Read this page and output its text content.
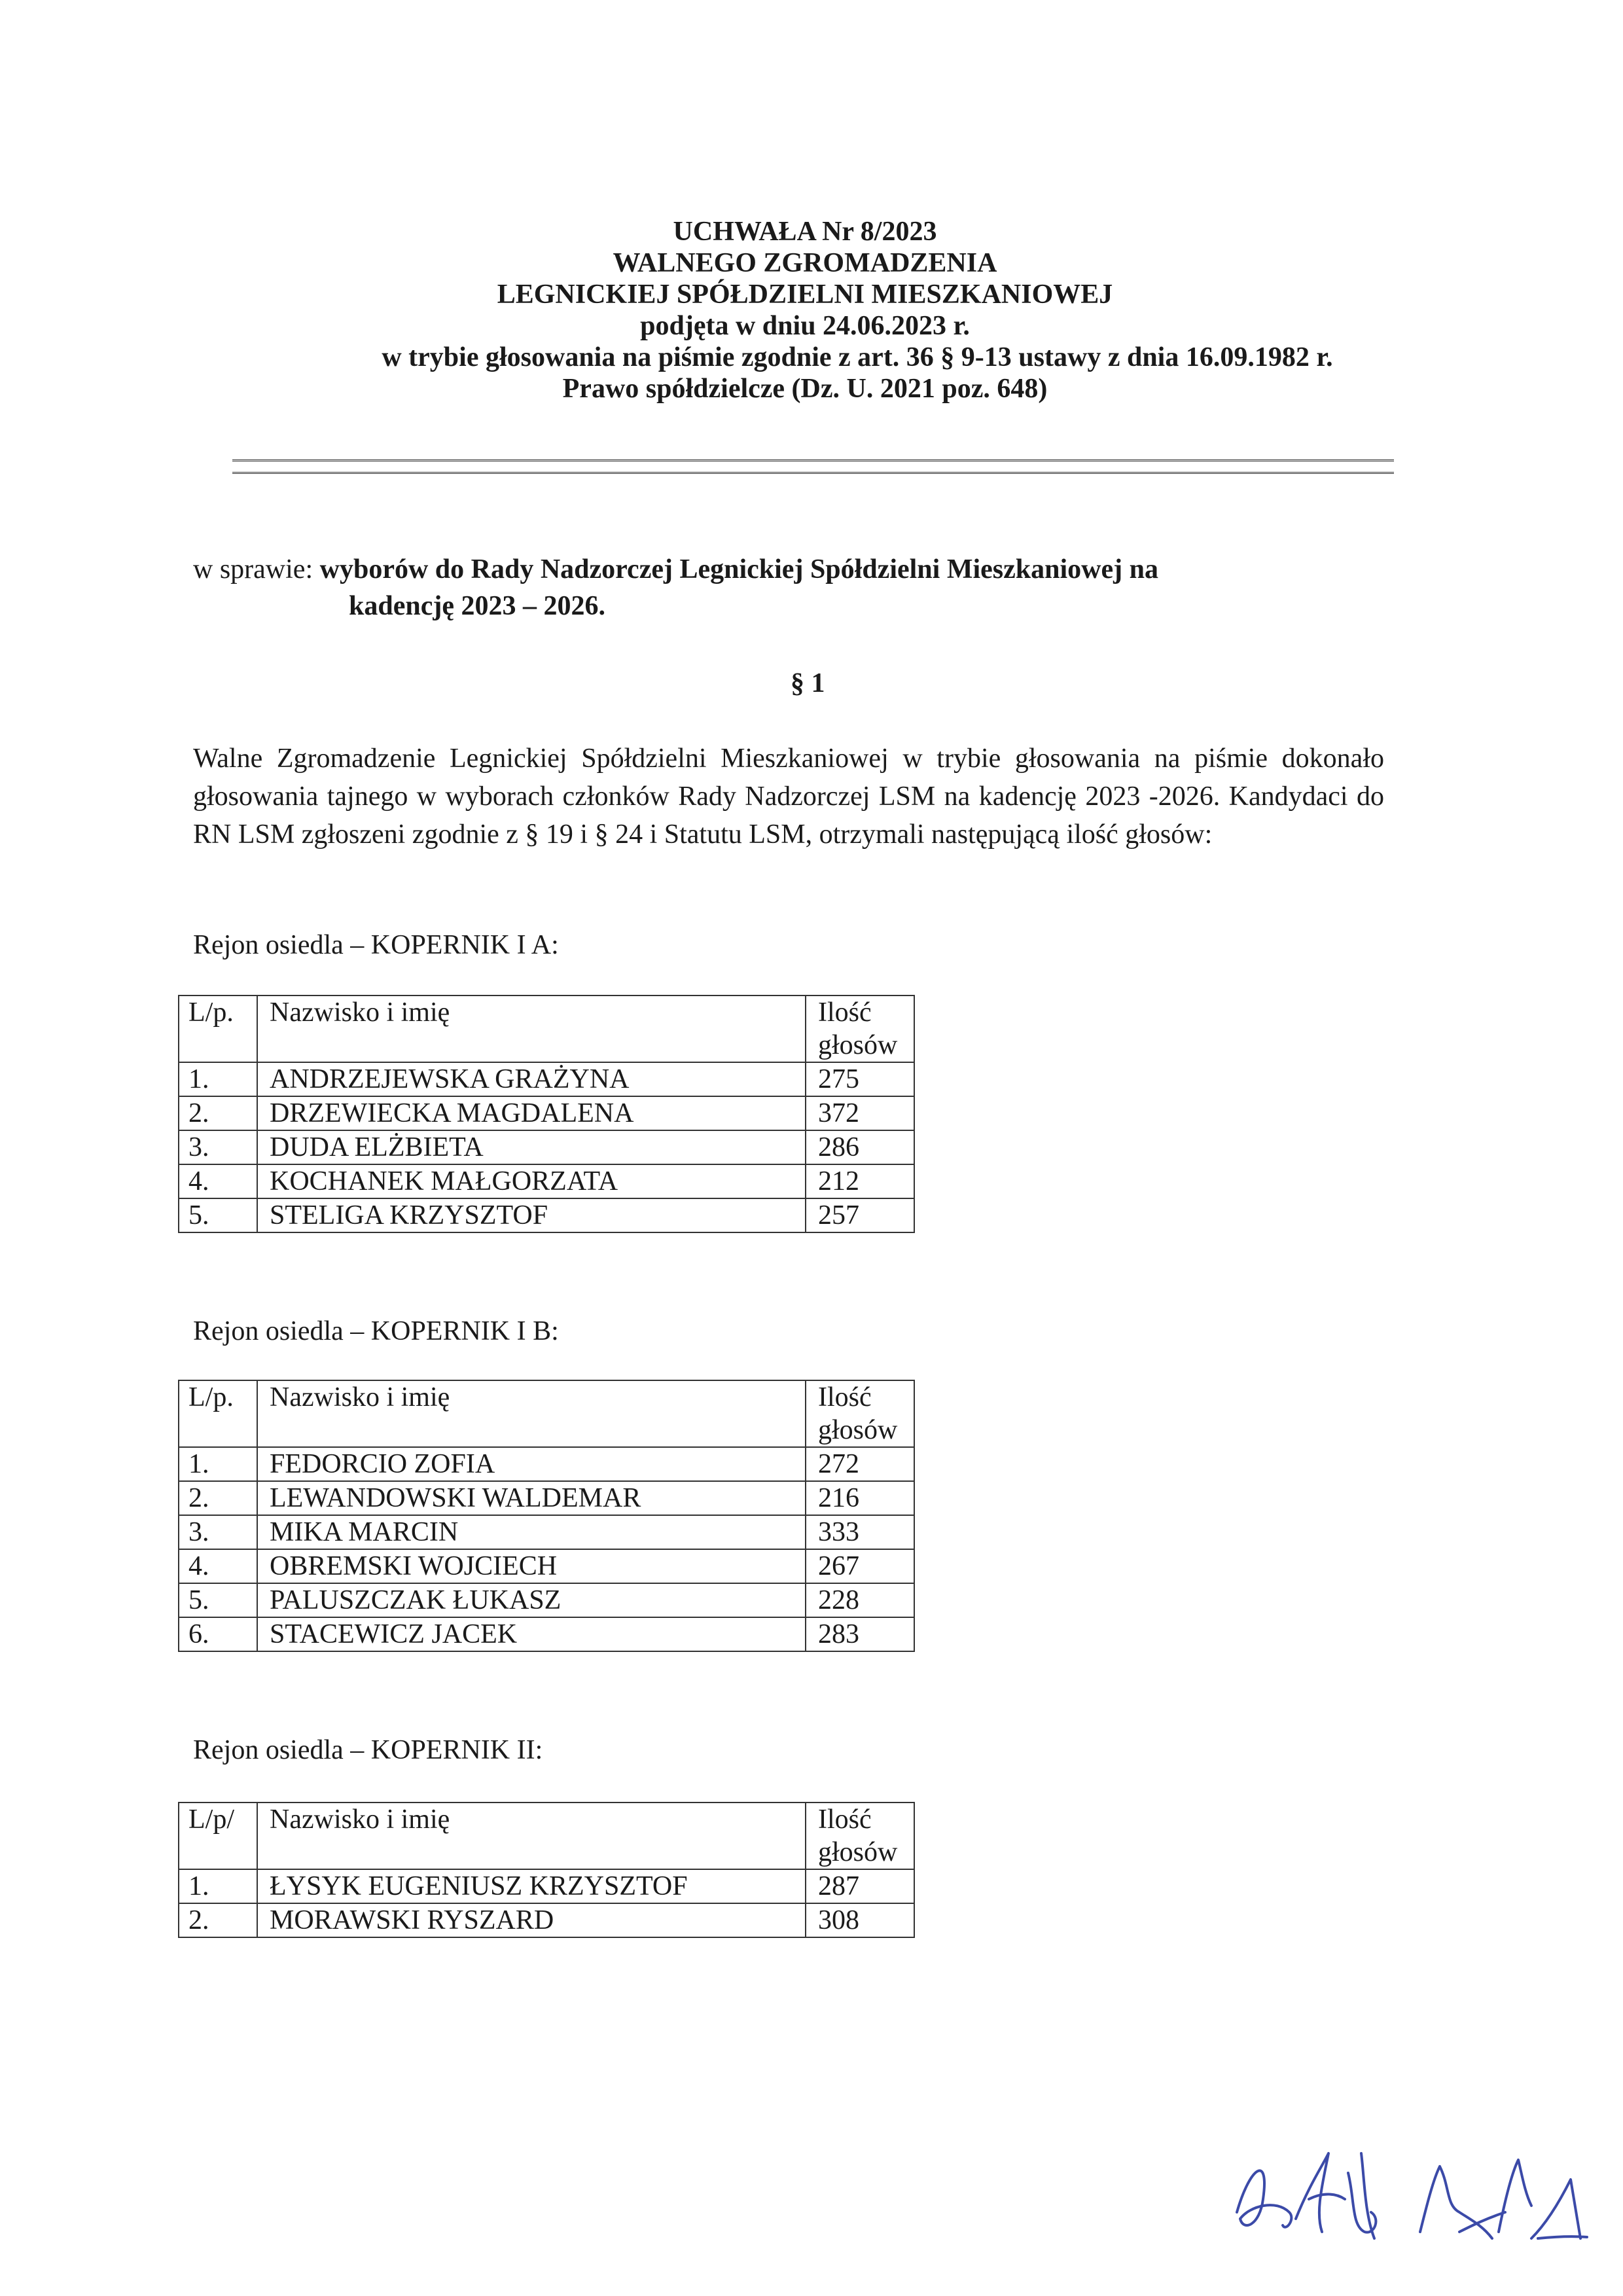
UCHWAŁA Nr 8/2023
WALNEGO ZGROMADZENIA
LEGNICKIEJ SPÓŁDZIELNI MIESZKANIOWEJ
podjęta w dniu 24.06.2023 r.
w trybie głosowania na piśmie zgodnie z art. 36 § 9-13 ustawy z dnia 16.09.1982 r.
Prawo spółdzielcze (Dz. U. 2021 poz. 648)
w sprawie: wyborów do Rady Nadzorczej Legnickiej Spółdzielni Mieszkaniowej na
kadencję 2023 – 2026.
§ 1
Walne Zgromadzenie Legnickiej Spółdzielni Mieszkaniowej w trybie głosowania na piśmie dokonało głosowania tajnego w wyborach członków Rady Nadzorczej LSM na kadencję 2023 -2026. Kandydaci do RN LSM zgłoszeni zgodnie z § 19 i § 24 i Statutu LSM, otrzymali następującą ilość głosów:
Rejon osiedla – KOPERNIK I A:
L/p.	Nazwisko i imię	Ilość
głosów
1.	ANDRZEJEWSKA GRAŻYNA	275
2.	DRZEWIECKA MAGDALENA	372
3.	DUDA ELŻBIETA	286
4.	KOCHANEK MAŁGORZATA	212
5.	STELIGA KRZYSZTOF	257
Rejon osiedla – KOPERNIK I B:
L/p.	Nazwisko i imię	Ilość
głosów
1.	FEDORCIO ZOFIA	272
2.	LEWANDOWSKI WALDEMAR	216
3.	MIKA MARCIN	333
4.	OBREMSKI WOJCIECH	267
5.	PALUSZCZAK ŁUKASZ	228
6.	STACEWICZ JACEK	283
Rejon osiedla – KOPERNIK II:
L/p/	Nazwisko i imię	Ilość
głosów
1.	ŁYSYK EUGENIUSZ KRZYSZTOF	287
2.	MORAWSKI RYSZARD	308
